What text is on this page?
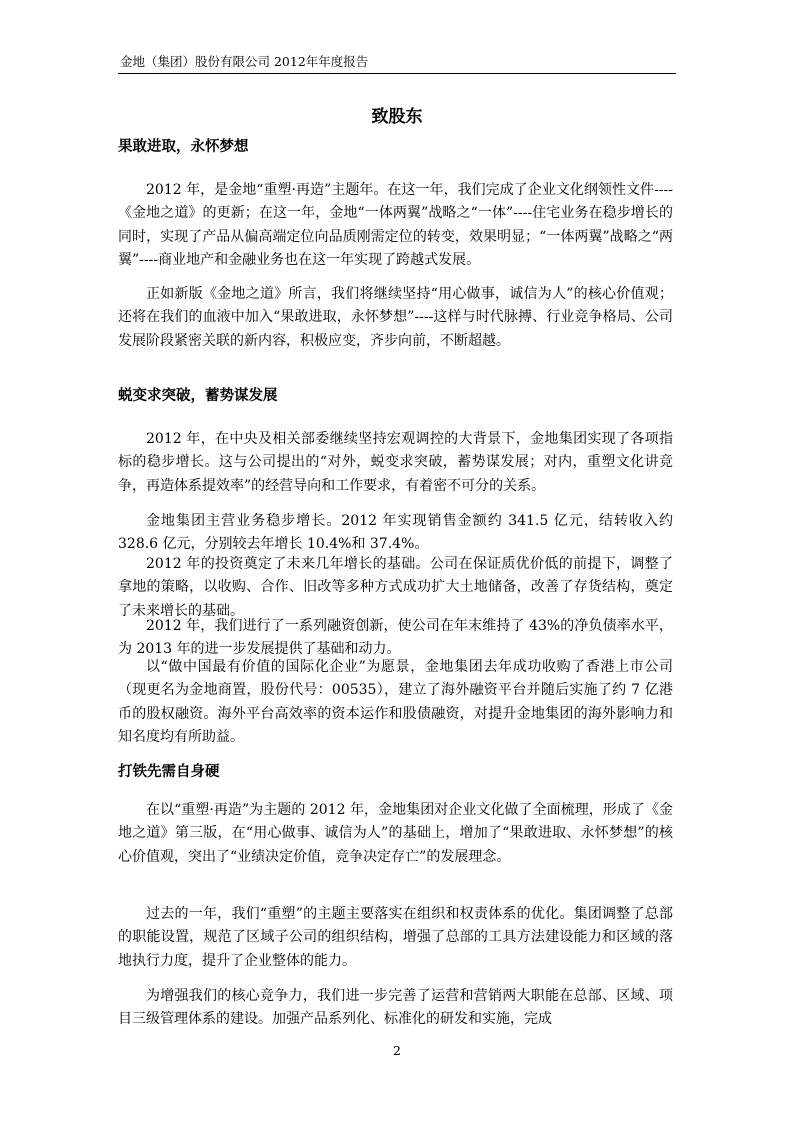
金地（集团）股份有限公司 2012年年度报告
致股东
果敢进取，永怀梦想

2012 年，是金地“重塑·再造”主题年。在这一年，我们完成了企业文化纲领性文件----《金地之道》的更新；在这一年，金地“一体两翼”战略之“一体”----住宅业务在稳步增长的同时，实现了产品从偏高端定位向品质刚需定位的转变，效果明显；“一体两翼”战略之“两翼”----商业地产和金融业务也在这一年实现了跨越式发展。

正如新版《金地之道》所言，我们将继续坚持“用心做事，诚信为人”的核心价值观；还将在我们的血液中加入“果敢进取，永怀梦想”----这样与时代脉搏、行业竞争格局、公司发展阶段紧密关联的新内容，积极应变，齐步向前，不断超越。

蜕变求突破，蓄势谋发展

2012 年，在中央及相关部委继续坚持宏观调控的大背景下，金地集团实现了各项指标的稳步增长。这与公司提出的“对外，蜕变求突破，蓄势谋发展；对内，重塑文化讲竞争，再造体系提效率”的经营导向和工作要求，有着密不可分的关系。

金地集团主营业务稳步增长。2012 年实现销售金额约 341.5 亿元，结转收入约 328.6 亿元，分别较去年增长 10.4%和 37.4%。

2012 年的投资奠定了未来几年增长的基础。公司在保证质优价低的前提下，调整了拿地的策略，以收购、合作、旧改等多种方式成功扩大土地储备，改善了存货结构，奠定了未来增长的基础。

2012 年，我们进行了一系列融资创新，使公司在年末维持了 43%的净负债率水平，为 2013 年的进一步发展提供了基础和动力。

以“做中国最有价值的国际化企业”为愿景，金地集团去年成功收购了香港上市公司（现更名为金地商置，股份代号：00535），建立了海外融资平台并随后实施了约 7 亿港币的股权融资。海外平台高效率的资本运作和股债融资，对提升金地集团的海外影响力和知名度均有所助益。

打铁先需自身硬

在以“重塑·再造”为主题的 2012 年，金地集团对企业文化做了全面梳理，形成了《金地之道》第三版，在“用心做事、诚信为人”的基础上，增加了“果敢进取、永怀梦想”的核心价值观，突出了“业绩决定价值，竞争决定存亡”的发展理念。

过去的一年，我们“重塑”的主题主要落实在组织和权责体系的优化。集团调整了总部的职能设置，规范了区域子公司的组织结构，增强了总部的工具方法建设能力和区域的落地执行力度，提升了企业整体的能力。

为增强我们的核心竞争力，我们进一步完善了运营和营销两大职能在总部、区域、项目三级管理体系的建设。加强产品系列化、标准化的研发和实施，完成

2
